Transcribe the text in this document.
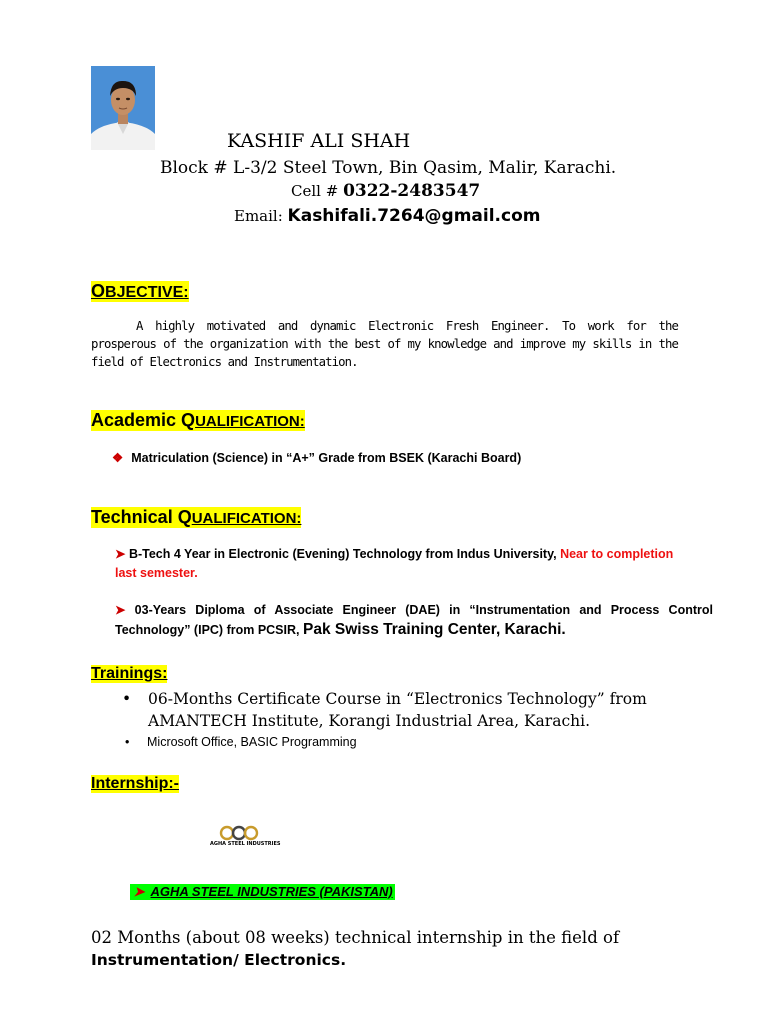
KASHIF ALI SHAH
Block # L-3/2 Steel Town, Bin Qasim, Malir, Karachi.
Cell # 0322-2483547
Email: Kashifali.7264@gmail.com
OBJECTIVE:
A highly motivated and dynamic Electronic Fresh Engineer. To work for the prosperous of the organization with the best of my knowledge and improve my skills in the field of Electronics and Instrumentation.
Academic QUALIFICATION:
❖ Matriculation (Science) in “A+” Grade from BSEK (Karachi Board)
Technical QUALIFICATION:
➤ B-Tech 4 Year in Electronic (Evening) Technology from Indus University, Near to completion last semester.
➤ 03-Years Diploma of Associate Engineer (DAE) in “Instrumentation and Process Control Technology” (IPC) from PCSIR, Pak Swiss Training Center, Karachi.
Trainings:
•	06-Months Certificate Course in “Electronics Technology” from AMANTECH Institute, Korangi Industrial Area, Karachi.
• Microsoft Office, BASIC Programming
Internship:-
AGHA STEEL INDUSTRIES
➤ AGHA STEEL INDUSTRIES (PAKISTAN)
02 Months (about 08 weeks) technical internship in the field of
Instrumentation/ Electronics.
